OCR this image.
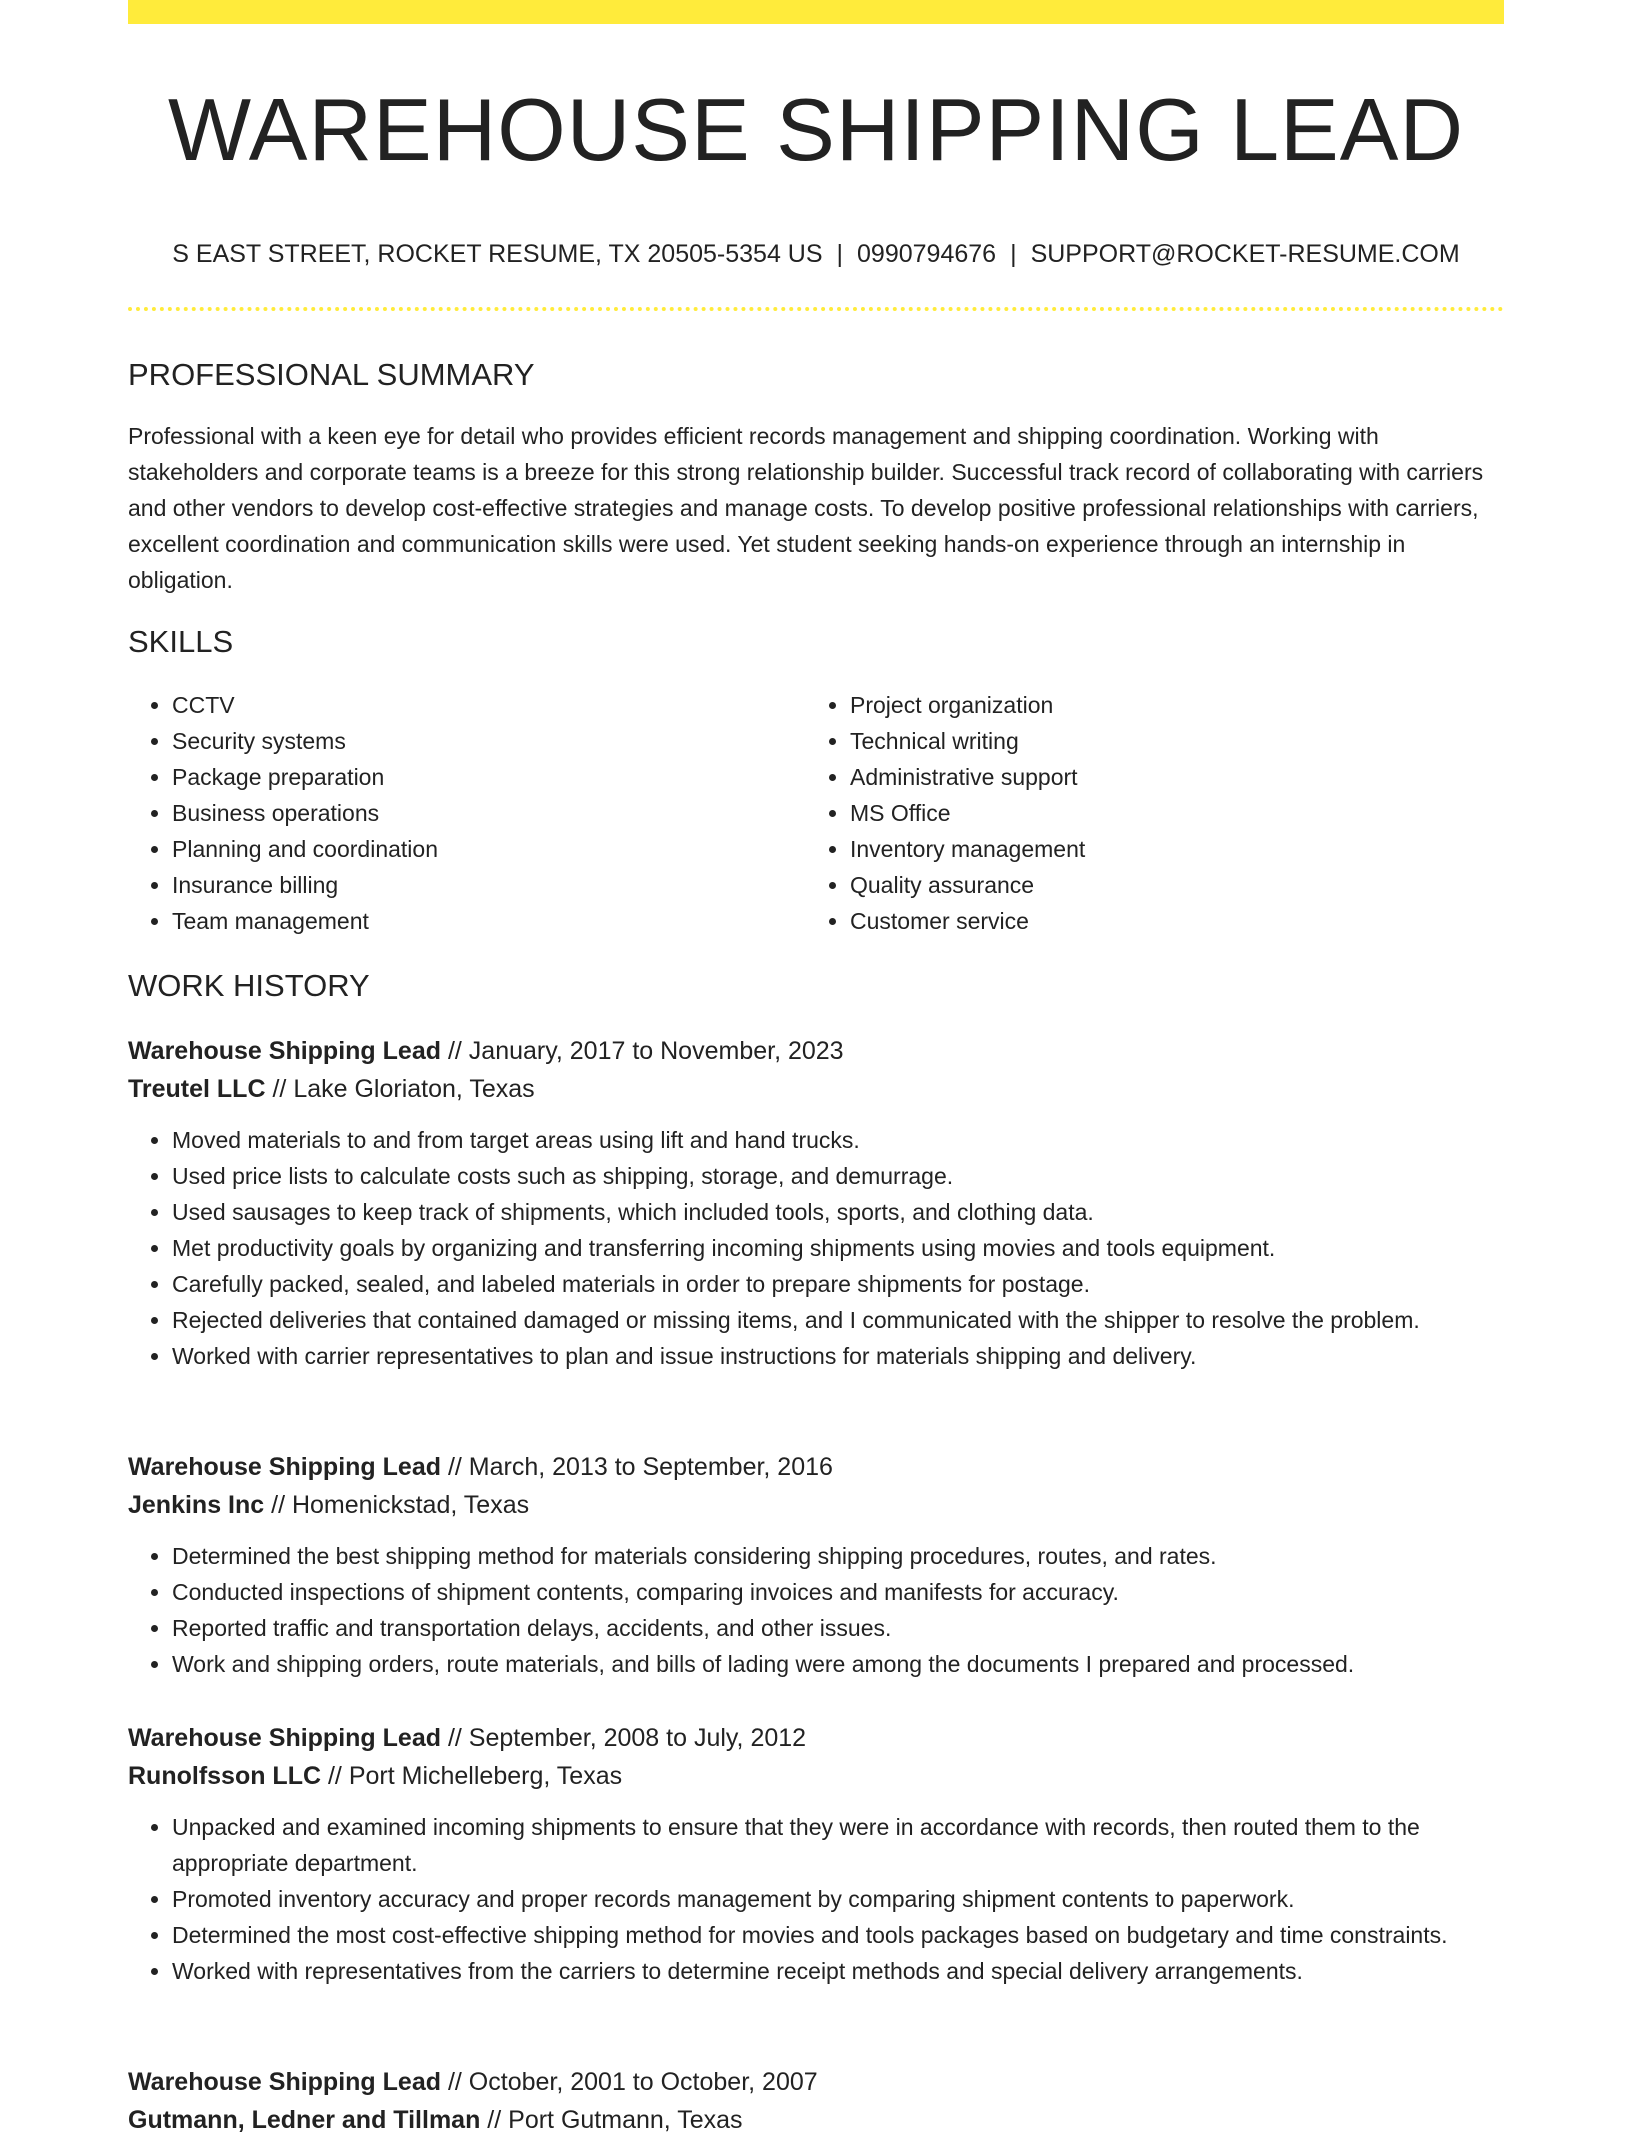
WAREHOUSE SHIPPING LEAD
S EAST STREET, ROCKET RESUME, TX 20505-5354 US | 0990794676 | SUPPORT@ROCKET-RESUME.COM
PROFESSIONAL SUMMARY

Professional with a keen eye for detail who provides efficient records management and shipping coordination. Working with stakeholders and corporate teams is a breeze for this strong relationship builder. Successful track record of collaborating with carriers and other vendors to develop cost-effective strategies and manage costs. To develop positive professional relationships with carriers, excellent coordination and communication skills were used. Yet student seeking hands-on experience through an internship in obligation.

SKILLS
• CCTV
• Security systems
• Package preparation
• Business operations
• Planning and coordination
• Insurance billing
• Team management
• Project organization
• Technical writing
• Administrative support
• MS Office
• Inventory management
• Quality assurance
• Customer service
WORK HISTORY
Warehouse Shipping Lead // January, 2017 to November, 2023
Treutel LLC // Lake Gloriaton, Texas
• Moved materials to and from target areas using lift and hand trucks.
• Used price lists to calculate costs such as shipping, storage, and demurrage.
• Used sausages to keep track of shipments, which included tools, sports, and clothing data.
• Met productivity goals by organizing and transferring incoming shipments using movies and tools equipment.
• Carefully packed, sealed, and labeled materials in order to prepare shipments for postage.
• Rejected deliveries that contained damaged or missing items, and I communicated with the shipper to resolve the problem.
• Worked with carrier representatives to plan and issue instructions for materials shipping and delivery.
Warehouse Shipping Lead // March, 2013 to September, 2016
Jenkins Inc // Homenickstad, Texas
• Determined the best shipping method for materials considering shipping procedures, routes, and rates.
• Conducted inspections of shipment contents, comparing invoices and manifests for accuracy.
• Reported traffic and transportation delays, accidents, and other issues.
• Work and shipping orders, route materials, and bills of lading were among the documents I prepared and processed.
Warehouse Shipping Lead // September, 2008 to July, 2012
Runolfsson LLC // Port Michelleberg, Texas
• Unpacked and examined incoming shipments to ensure that they were in accordance with records, then routed them to the appropriate department.
• Promoted inventory accuracy and proper records management by comparing shipment contents to paperwork.
• Determined the most cost-effective shipping method for movies and tools packages based on budgetary and time constraints.
• Worked with representatives from the carriers to determine receipt methods and special delivery arrangements.
Warehouse Shipping Lead // October, 2001 to October, 2007
Gutmann, Ledner and Tillman // Port Gutmann, Texas
